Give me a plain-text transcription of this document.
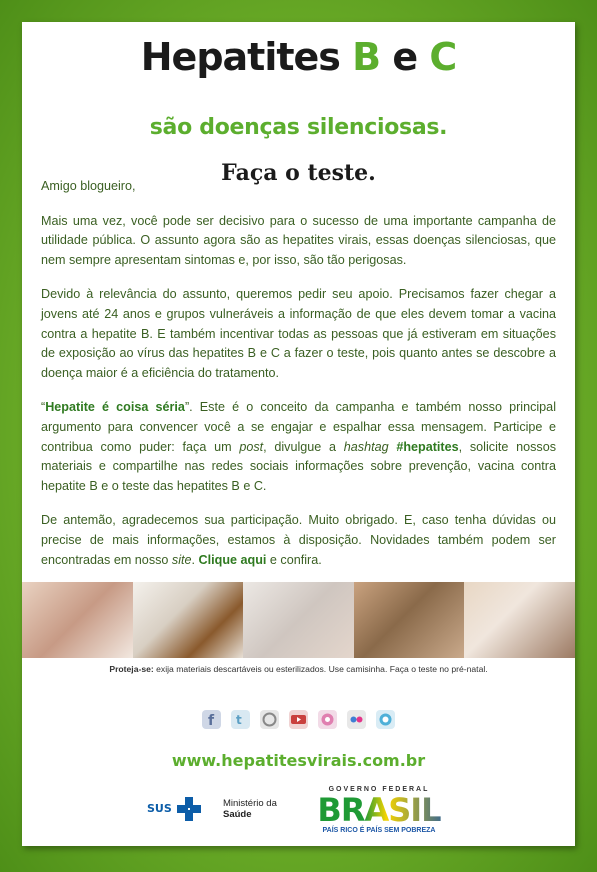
Hepatites B e C
são doenças silenciosas.
Faça o teste.

Amigo blogueiro,

Mais uma vez, você pode ser decisivo para o sucesso de uma importante campanha de utilidade pública. O assunto agora são as hepatites virais, essas doenças silenciosas, que nem sempre apresentam sintomas e, por isso, são tão perigosas.

Devido à relevância do assunto, queremos pedir seu apoio. Precisamos fazer chegar a jovens até 24 anos e grupos vulneráveis a informação de que eles devem tomar a vacina contra a hepatite B. E também incentivar todas as pessoas que já estiveram em situações de exposição ao vírus das hepatites B e C a fazer o teste, pois quanto antes se descobre a doença maior é a eficiência do tratamento.

“Hepatite é coisa séria”. Este é o conceito da campanha e também nosso principal argumento para convencer você a se engajar e espalhar essa mensagem. Participe e contribua como puder: faça um post, divulgue a hashtag #hepatites, solicite nossos materiais e compartilhe nas redes sociais informações sobre prevenção, vacina contra hepatite B e o teste das hepatites B e C.

De antemão, agradecemos sua participação. Muito obrigado. E, caso tenha dúvidas ou precise de mais informações, estamos à disposição. Novidades também podem ser encontradas em nosso site. Clique aqui e confira.

Proteja-se: exija materiais descartáveis ou esterilizados. Use camisinha. Faça o teste no pré-natal.
f t
www.hepatitesvirais.com.br
SUS	Ministério da
Saúde
GOVERNO FEDERAL
BRASIL
PAÍS RICO É PAÍS SEM POBREZA
